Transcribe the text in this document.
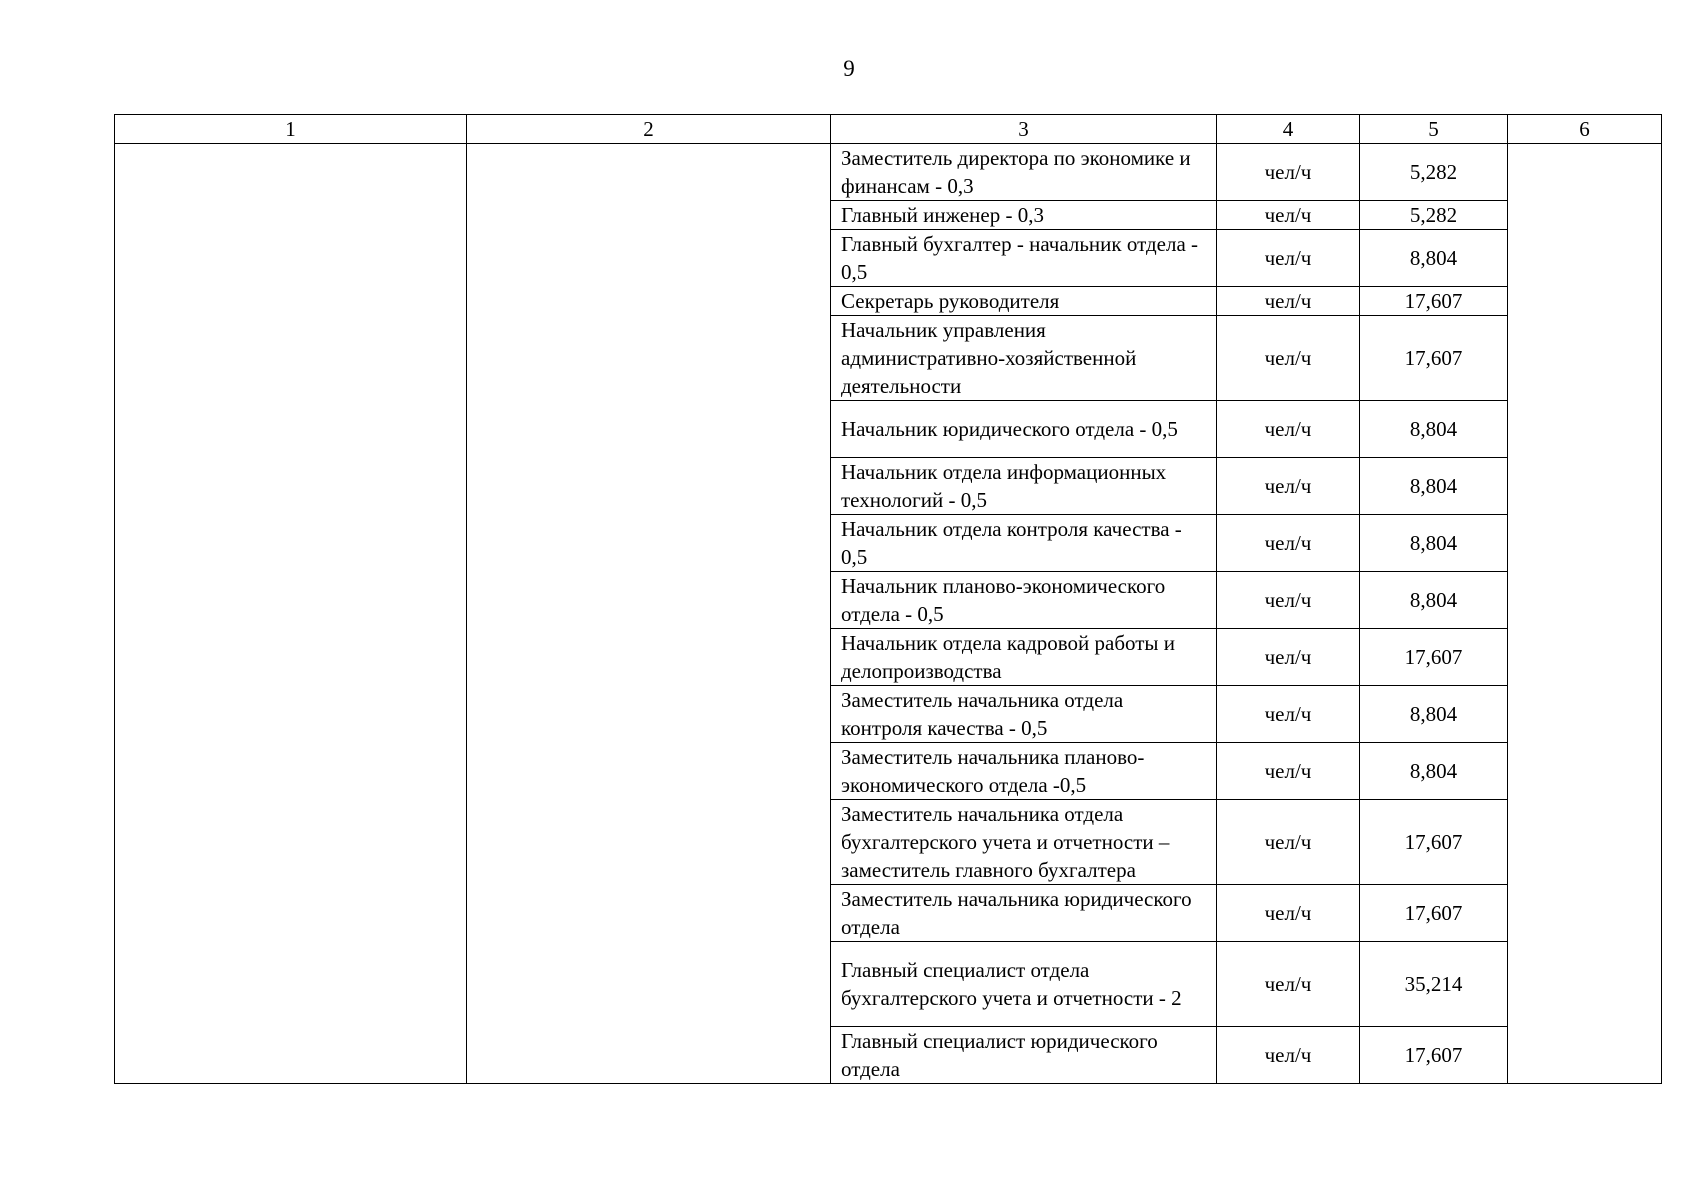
9
1	2	3	4	5	6
		Заместитель директора по экономике и финансам - 0,3	чел/ч	5,282	
		Главный инженер - 0,3	чел/ч	5,282	
		Главный бухгалтер - начальник отдела - 0,5	чел/ч	8,804	
		Секретарь руководителя	чел/ч	17,607	
		Начальник управления административно-хозяйственной деятельности	чел/ч	17,607	
		Начальник юридического отдела - 0,5	чел/ч	8,804	
		Начальник отдела информационных технологий - 0,5	чел/ч	8,804	
		Начальник отдела контроля качества - 0,5	чел/ч	8,804	
		Начальник планово-экономического отдела - 0,5	чел/ч	8,804	
		Начальник отдела кадровой работы и делопроизводства	чел/ч	17,607	
		Заместитель начальника отдела контроля качества - 0,5	чел/ч	8,804	
		Заместитель начальника планово-экономического отдела -0,5	чел/ч	8,804	
		Заместитель начальника отдела бухгалтерского учета и отчетности – заместитель главного бухгалтера	чел/ч	17,607	
		Заместитель начальника юридического отдела	чел/ч	17,607	
		Главный специалист отдела бухгалтерского учета и отчетности - 2	чел/ч	35,214	
		Главный специалист юридического отдела	чел/ч	17,607	
